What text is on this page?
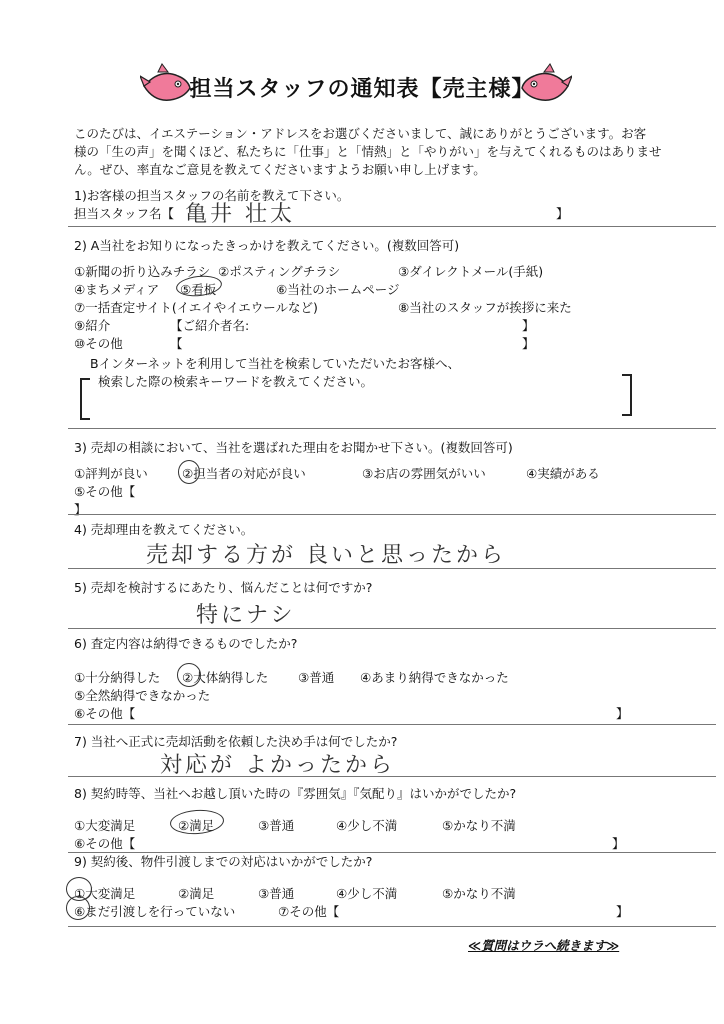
担当スタッフの通知表【売主様】
このたびは、イエステーション・アドレスをお選びくださいまして、誠にありがとうございます。お客
様の「生の声」を聞くほど、私たちに「仕事」と「情熱」と「やりがい」を与えてくれるものはありませ
ん。ぜひ、率直なご意見を教えてくださいますようお願い申し上げます。
1)お客様の担当スタッフの名前を教えて下さい。
担当スタッフ名【 亀井 壮太	】
2) A当社をお知りになったきっかけを教えてください。(複数回答可)
①新聞の折り込みチラシ ②ポスティングチラシ	③ダイレクトメール(手紙)
④まちメディア ⑤看板	⑥当社のホームページ
⑦一括査定サイト(イエイやイエウールなど)	⑧当社のスタッフが挨拶に来た
⑨紹介	【ご紹介者名:	】
⑩その他	【	】
Bインターネットを利用して当社を検索していただいたお客様へ、
検索した際の検索キーワードを教えてください。
3) 売却の相談において、当社を選ばれた理由をお聞かせ下さい。(複数回答可)
①評判が良い	②担当者の対応が良い	③お店の雰囲気がいい	④実績がある
⑤その他【
】
4) 売却理由を教えてください。
売却する方が 良いと思ったから
5) 売却を検討するにあたり、悩んだことは何ですか?
特にナシ
6) 査定内容は納得できるものでしたか?
①十分納得した ②大体納得した ③普通 ④あまり納得できなかった
⑤全然納得できなかった
⑥その他【	】
7) 当社へ正式に売却活動を依頼した決め手は何でしたか?
対応が よかったから
8) 契約時等、当社へお越し頂いた時の『雰囲気』『気配り』はいかがでしたか?
①大変満足	②満足	③普通	④少し不満	⑤かなり不満
⑥その他【	】
9) 契約後、物件引渡しまでの対応はいかがでしたか?
①大変満足	②満足	③普通	④少し不満	⑤かなり不満
⑥まだ引渡しを行っていない	⑦その他【	】
≪質問はウラへ続きます≫
